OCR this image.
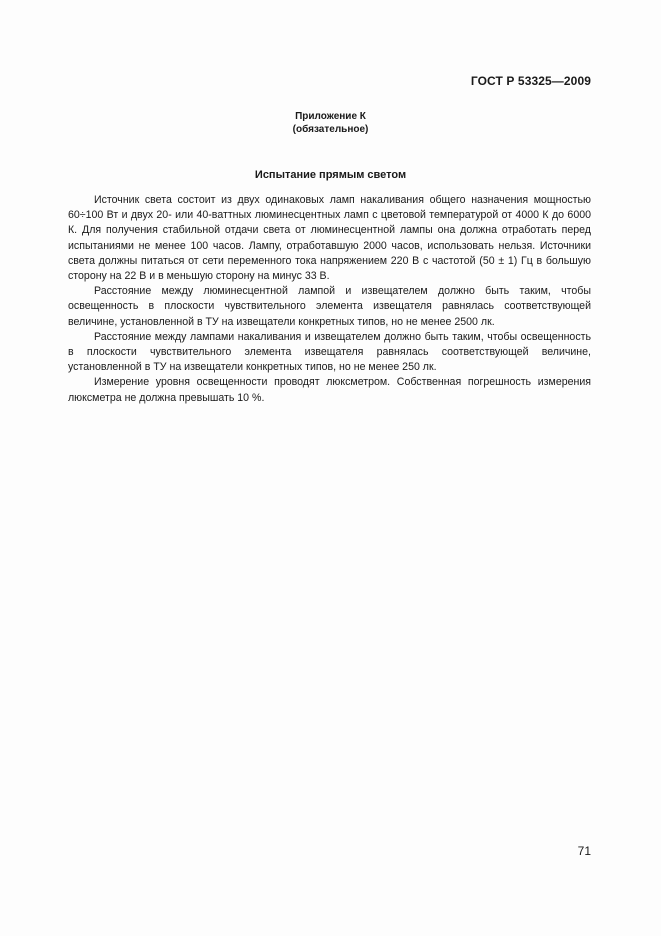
ГОСТ Р 53325—2009
Приложение К
(обязательное)
Испытание прямым светом

Источник света состоит из двух одинаковых ламп накаливания общего назначения мощностью 60÷100 Вт и двух 20- или 40-ваттных люминесцентных ламп с цветовой температурой от 4000 К до 6000 К. Для получения стабильной отдачи света от люминесцентной лампы она должна отработать перед испытаниями не менее 100 часов. Лампу, отработавшую 2000 часов, использовать нельзя. Источники света должны питаться от сети переменного тока напряжением 220 В с частотой (50 ± 1) Гц в большую сторону на 22 В и в меньшую сторону на минус 33 В.

Расстояние между люминесцентной лампой и извещателем должно быть таким, чтобы освещенность в плоскости чувствительного элемента извещателя равнялась соответствующей величине, установленной в ТУ на извещатели конкретных типов, но не менее 2500 лк.

Расстояние между лампами накаливания и извещателем должно быть таким, чтобы освещенность в плоскости чувствительного элемента извещателя равнялась соответствующей величине, установленной в ТУ на извещатели конкретных типов, но не менее 250 лк.

Измерение уровня освещенности проводят люксметром. Собственная погрешность измерения люксметра не должна превышать 10 %.

71
